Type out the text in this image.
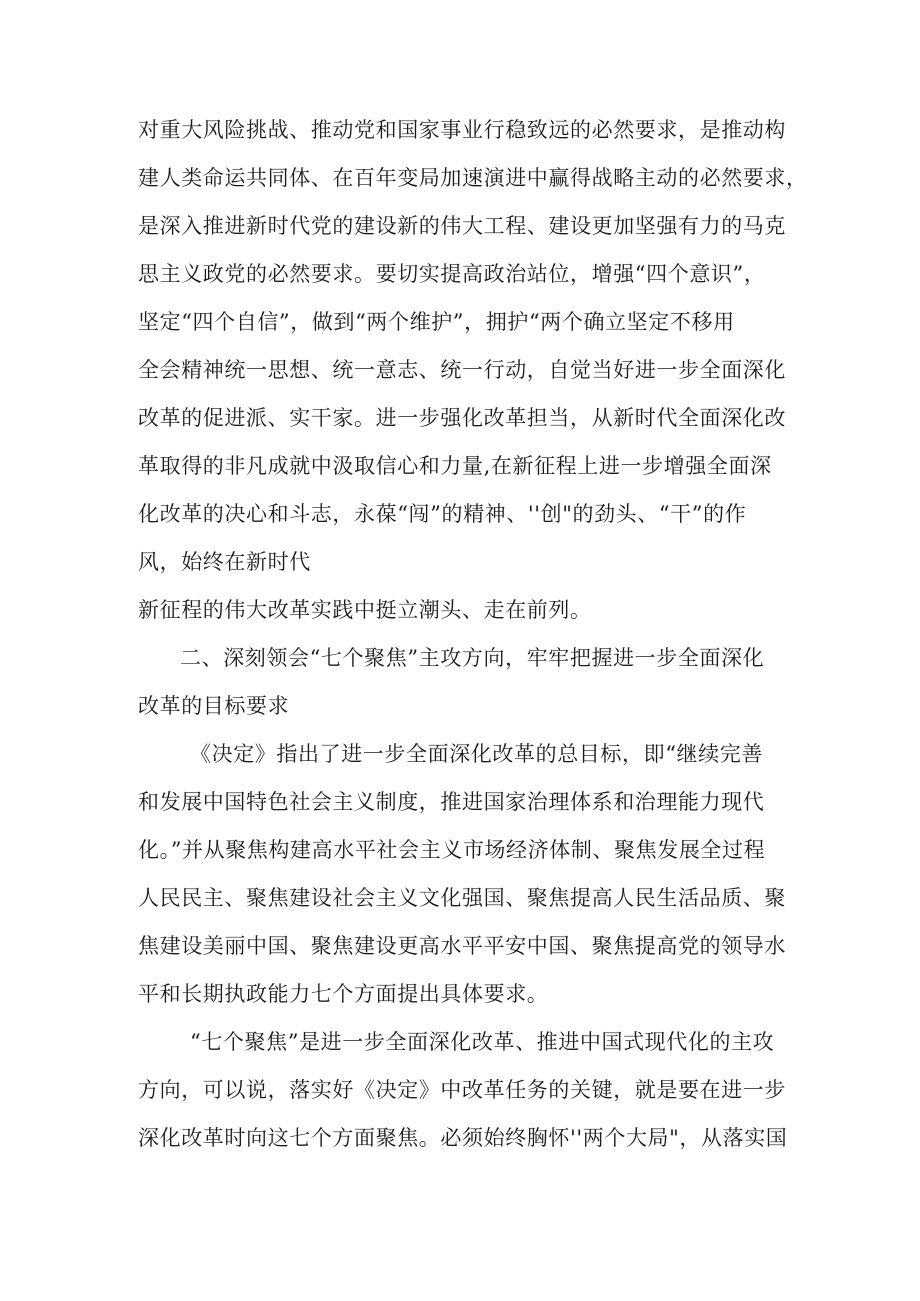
对重大风险挑战、推动党和国家事业行稳致远的必然要求，是推动构
建人类命运共同体、在百年变局加速演进中赢得战略主动的必然要求，
是深入推进新时代党的建设新的伟大工程、建设更加坚强有力的马克
思主义政党的必然要求。要切实提高政治站位，增强“四个意识”，
坚定“四个自信”，做到“两个维护”，拥护“两个确立坚定不移用
全会精神统一思想、统一意志、统一行动，自觉当好进一步全面深化
改革的促进派、实干家。进一步强化改革担当，从新时代全面深化改
革取得的非凡成就中汲取信心和力量,在新征程上进一步增强全面深
化改革的决心和斗志，永葆“闯”的精神、''创"的劲头、“干”的作
风，始终在新时代
新征程的伟大改革实践中挺立潮头、走在前列。
二、深刻领会“七个聚焦”主攻方向，牢牢把握进一步全面深化
改革的目标要求
《决定》指出了进一步全面深化改革的总目标，即“继续完善
和发展中国特色社会主义制度，推进国家治理体系和治理能力现代
化。”并从聚焦构建高水平社会主义市场经济体制、聚焦发展全过程
人民民主、聚焦建设社会主义文化强国、聚焦提高人民生活品质、聚
焦建设美丽中国、聚焦建设更高水平平安中国、聚焦提高党的领导水
平和长期执政能力七个方面提出具体要求。
“七个聚焦”是进一步全面深化改革、推进中国式现代化的主攻
方向，可以说，落实好《决定》中改革任务的关键，就是要在进一步
深化改革时向这七个方面聚焦。必须始终胸怀''两个大局"，从落实国
